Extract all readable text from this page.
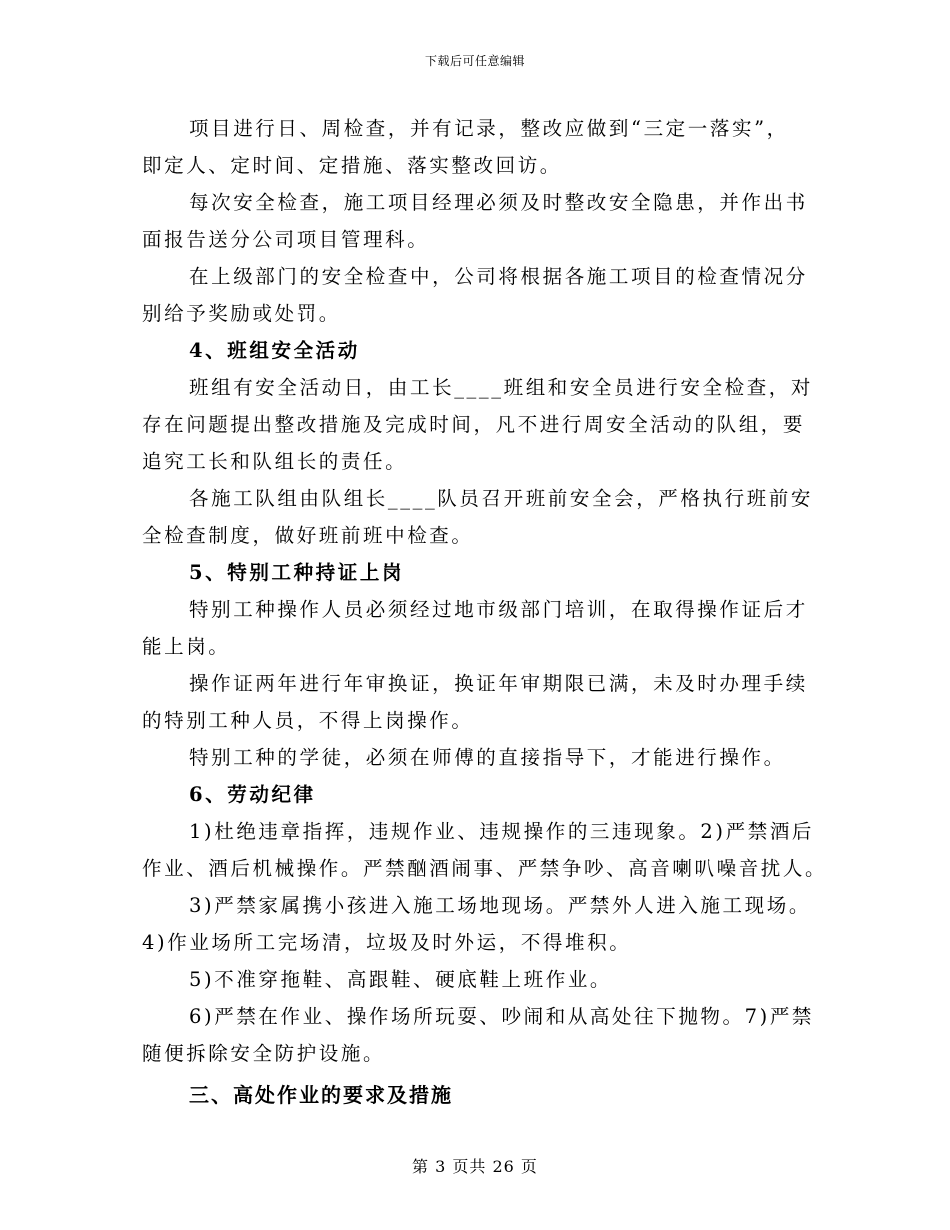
下载后可任意编辑
项目进行日、周检查，并有记录，整改应做到“三定一落实”，
即定人、定时间、定措施、落实整改回访。
每次安全检查，施工项目经理必须及时整改安全隐患，并作出书
面报告送分公司项目管理科。
在上级部门的安全检查中，公司将根据各施工项目的检查情况分
别给予奖励或处罚。
4、班组安全活动
班组有安全活动日，由工长____班组和安全员进行安全检查，对
存在问题提出整改措施及完成时间，凡不进行周安全活动的队组，要
追究工长和队组长的责任。
各施工队组由队组长____队员召开班前安全会，严格执行班前安
全检查制度，做好班前班中检查。
5、特别工种持证上岗
特别工种操作人员必须经过地市级部门培训，在取得操作证后才
能上岗。
操作证两年进行年审换证，换证年审期限已满，未及时办理手续
的特别工种人员，不得上岗操作。
特别工种的学徒，必须在师傅的直接指导下，才能进行操作。
6、劳动纪律
1)杜绝违章指挥，违规作业、违规操作的三违现象。2)严禁酒后
作业、酒后机械操作。严禁酗酒闹事、严禁争吵、高音喇叭噪音扰人。
3)严禁家属携小孩进入施工场地现场。严禁外人进入施工现场。
4)作业场所工完场清，垃圾及时外运，不得堆积。
5)不准穿拖鞋、高跟鞋、硬底鞋上班作业。
6)严禁在作业、操作场所玩耍、吵闹和从高处往下抛物。7)严禁
随便拆除安全防护设施。
三、高处作业的要求及措施
第 3 页共 26 页
